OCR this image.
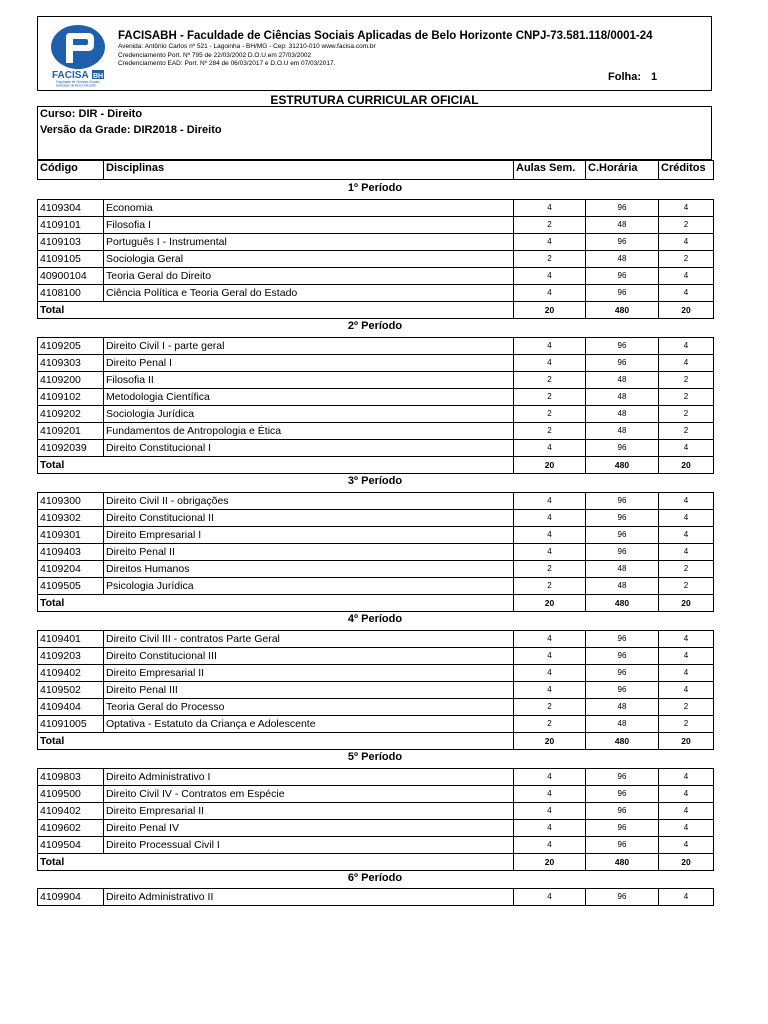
FACISA BH
Faculdade de Ciências Sociais
Aplicadas de Belo Horizonte
FACISABH - Faculdade de Ciências Sociais Aplicadas de Belo Horizonte CNPJ-73.581.118/0001-24
Avenida: Antônio Carlos nº 521 - Lagoinha - BH/MG - Cep: 31210-010 www.facisa.com.br
Credenciamento Port. Nº 795 de 22/03/2002 D.O.U.em 27/03/2002
Credenciamento EAD: Port. Nº 284 de 06/03/2017 e D.O.U em 07/03/2017.
Folha: 1
ESTRUTURA CURRICULAR OFICIAL
Curso: DIR - Direito
Versão da Grade: DIR2018 - Direito
Código	Disciplinas	Aulas Sem.	C.Horária	Créditos
1º Período
4109304	Economia	4	96	4
4109101	Filosofia I	2	48	2
4109103	Português I - Instrumental	4	96	4
4109105	Sociologia Geral	2	48	2
40900104	Teoria Geral do Direito	4	96	4
4108100	Ciência Política e Teoria Geral do Estado	4	96	4
Total		20	480	20
2º Período
4109205	Direito Civil I - parte geral	4	96	4
4109303	Direito Penal I	4	96	4
4109200	Filosofia II	2	48	2
4109102	Metodologia Científica	2	48	2
4109202	Sociologia Jurídica	2	48	2
4109201	Fundamentos de Antropologia e Ética	2	48	2
41092039	Direito Constitucional I	4	96	4
Total		20	480	20
3º Período
4109300	Direito Civil II - obrigações	4	96	4
4109302	Direito Constitucional II	4	96	4
4109301	Direito Empresarial I	4	96	4
4109403	Direito Penal II	4	96	4
4109204	Direitos Humanos	2	48	2
4109505	Psicologia Jurídica	2	48	2
Total		20	480	20
4º Período
4109401	Direito Civil III - contratos Parte Geral	4	96	4
4109203	Direito Constitucional III	4	96	4
4109402	Direito Empresarial II	4	96	4
4109502	Direito Penal III	4	96	4
4109404	Teoria Geral do Processo	2	48	2
41091005	Optativa - Estatuto da Criança e Adolescente	2	48	2
Total		20	480	20
5º Período
4109803	Direito Administrativo I	4	96	4
4109500	Direito Civil IV - Contratos em Espécie	4	96	4
4109402	Direito Empresarial II	4	96	4
4109602	Direito Penal IV	4	96	4
4109504	Direito Processual Civil I	4	96	4
Total		20	480	20
6º Período
4109904	Direito Administrativo II	4	96	4
